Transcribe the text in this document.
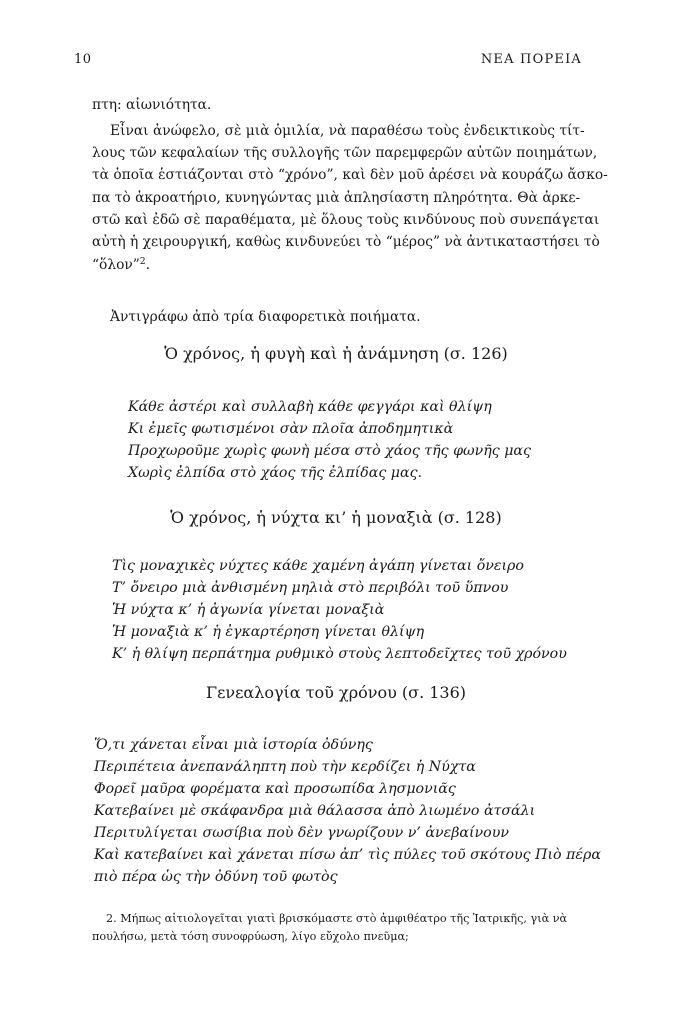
10	ΝΕΑ ΠΟΡΕΙΑ
πτη: αἰωνιότητα.
Εἶναι ἀνώφελο, σὲ μιὰ ὁμιλία, νὰ παραθέσω τοὺς ἐνδεικτικοὺς τίτ-
λους τῶν κεφαλαίων τῆς συλλογῆς τῶν παρεμφερῶν αὐτῶν ποιημάτων,
τὰ ὁποῖα ἑστιάζονται στὸ “χρόνο”, καὶ δὲν μοῦ ἀρέσει νὰ κουράζω ἄσκο-
πα τὸ ἀκροατήριο, κυνηγώντας μιὰ ἀπλησίαστη πληρότητα. Θὰ ἀρκε-
στῶ καὶ ἐδῶ σὲ παραθέματα, μὲ ὅλους τοὺς κινδύνους ποὺ συνεπάγεται
αὐτὴ ἡ χειρουργική, καθὼς κινδυνεύει τὸ “μέρος” νὰ ἀντικαταστήσει τὸ
“ὅλον”$^2$.
Ἀντιγράφω ἀπὸ τρία διαφορετικὰ ποιήματα.
Ὁ χρόνος, ἡ φυγὴ καὶ ἡ ἀνάμνηση (σ. 126)
Κάθε ἀστέρι καὶ συλλαβὴ κάθε φεγγάρι καὶ θλίψη
Κι ἐμεῖς φωτισμένοι σὰν πλοῖα ἀποδημητικὰ
Προχωροῦμε χωρὶς φωνὴ μέσα στὸ χάος τῆς φωνῆς μας
Χωρὶς ἐλπίδα στὸ χάος τῆς ἐλπίδας μας.
Ὁ χρόνος, ἡ νύχτα κι’ ἡ μοναξιὰ (σ. 128)
Τὶς μοναχικὲς νύχτες κάθε χαμένη ἀγάπη γίνεται ὄνειρο
Τ’ ὄνειρο μιὰ ἀνθισμένη μηλιὰ στὸ περιβόλι τοῦ ὕπνου
Ἡ νύχτα κ’ ἡ ἀγωνία γίνεται μοναξιὰ
Ἡ μοναξιὰ κ’ ἡ ἐγκαρτέρηση γίνεται θλίψη
Κ’ ἡ θλίψη περπάτημα ρυθμικὸ στοὺς λεπτοδεῖχτες τοῦ χρόνου
Γενεαλογία τοῦ χρόνου (σ. 136)
Ὅ,τι χάνεται εἶναι μιὰ ἱστορία ὀδύνης
Περιπέτεια ἀνεπανάληπτη ποὺ τὴν κερδίζει ἡ Νύχτα
Φορεῖ μαῦρα φορέματα καὶ προσωπίδα λησμονιᾶς
Κατεβαίνει μὲ σκάφανδρα μιὰ θάλασσα ἀπὸ λιωμένο ἀτσάλι
Περιτυλίγεται σωσίβια ποὺ δὲν γνωρίζουν ν’ ἀνεβαίνουν
Καὶ κατεβαίνει καὶ χάνεται πίσω ἀπ’ τὶς πύλες τοῦ σκότους Πιὸ πέρα
πιὸ πέρα ὡς τὴν ὀδύνη τοῦ φωτὸς
2. Μήπως αἰτιολογεῖται γιατὶ βρισκόμαστε στὸ ἀμφιθέατρο τῆς Ἰατρικῆς, γιὰ νὰ
πουλήσω, μετὰ τόση συνοφρύωση, λίγο εὔχολο πνεῦμα;
